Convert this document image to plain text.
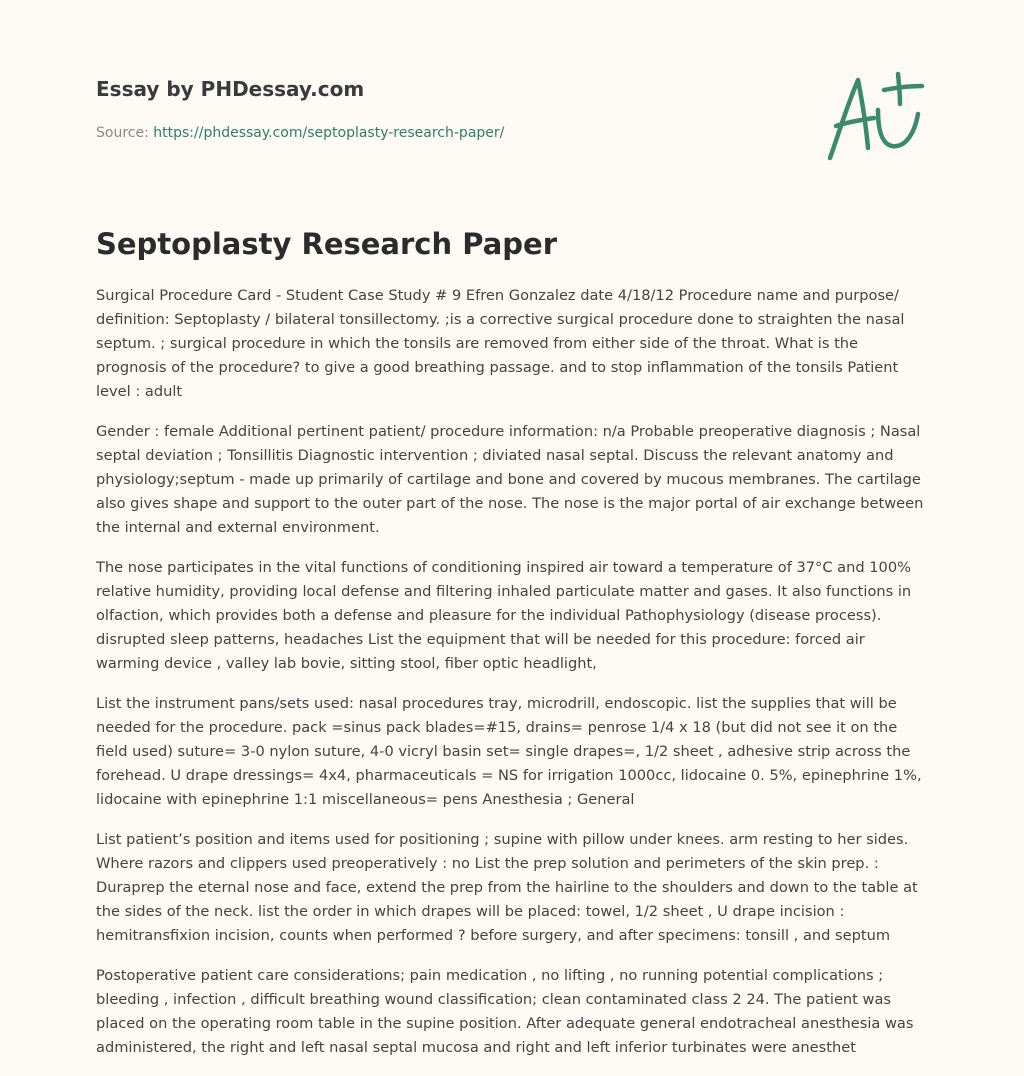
Essay by PHDessay.com
Source: https://phdessay.com/septoplasty-research-paper/
Septoplasty Research Paper

Surgical Procedure Card - Student Case Study # 9 Efren Gonzalez date 4/18/12 Procedure name and purpose/ definition: Septoplasty / bilateral tonsillectomy. ;is a corrective surgical procedure done to straighten the nasal septum. ; surgical procedure in which the tonsils are removed from either side of the throat. What is the prognosis of the procedure? to give a good breathing passage. and to stop inflammation of the tonsils Patient level : adult

Gender : female Additional pertinent patient/ procedure information: n/a Probable preoperative diagnosis ; Nasal septal deviation ; Tonsillitis Diagnostic intervention ; diviated nasal septal. Discuss the relevant anatomy and physiology;septum - made up primarily of cartilage and bone and covered by mucous membranes. The cartilage also gives shape and support to the outer part of the nose. The nose is the major portal of air exchange between the internal and external environment.

The nose participates in the vital functions of conditioning inspired air toward a temperature of 37°C and 100% relative humidity, providing local defense and filtering inhaled particulate matter and gases. It also functions in olfaction, which provides both a defense and pleasure for the individual Pathophysiology (disease process). disrupted sleep patterns, headaches List the equipment that will be needed for this procedure: forced air warming device , valley lab bovie, sitting stool, fiber optic headlight,

List the instrument pans/sets used: nasal procedures tray, microdrill, endoscopic. list the supplies that will be needed for the procedure. pack =sinus pack blades=#15, drains= penrose 1/4 x 18 (but did not see it on the field used) suture= 3-0 nylon suture, 4-0 vicryl basin set= single drapes=, 1/2 sheet , adhesive strip across the forehead. U drape dressings= 4x4, pharmaceuticals = NS for irrigation 1000cc, lidocaine 0. 5%, epinephrine 1%, lidocaine with epinephrine 1:1 miscellaneous= pens Anesthesia ; General

List patient’s position and items used for positioning ; supine with pillow under knees. arm resting to her sides. Where razors and clippers used preoperatively : no List the prep solution and perimeters of the skin prep. : Duraprep the eternal nose and face, extend the prep from the hairline to the shoulders and down to the table at the sides of the neck. list the order in which drapes will be placed: towel, 1/2 sheet , U drape incision : hemitransfixion incision, counts when performed ? before surgery, and after specimens: tonsill , and septum

Postoperative patient care considerations; pain medication , no lifting , no running potential complications ; bleeding , infection , difficult breathing wound classification; clean contaminated class 2 24. The patient was placed on the operating room table in the supine position. After adequate general endotracheal anesthesia was administered, the right and left nasal septal mucosa and right and left inferior turbinates were anesthet
